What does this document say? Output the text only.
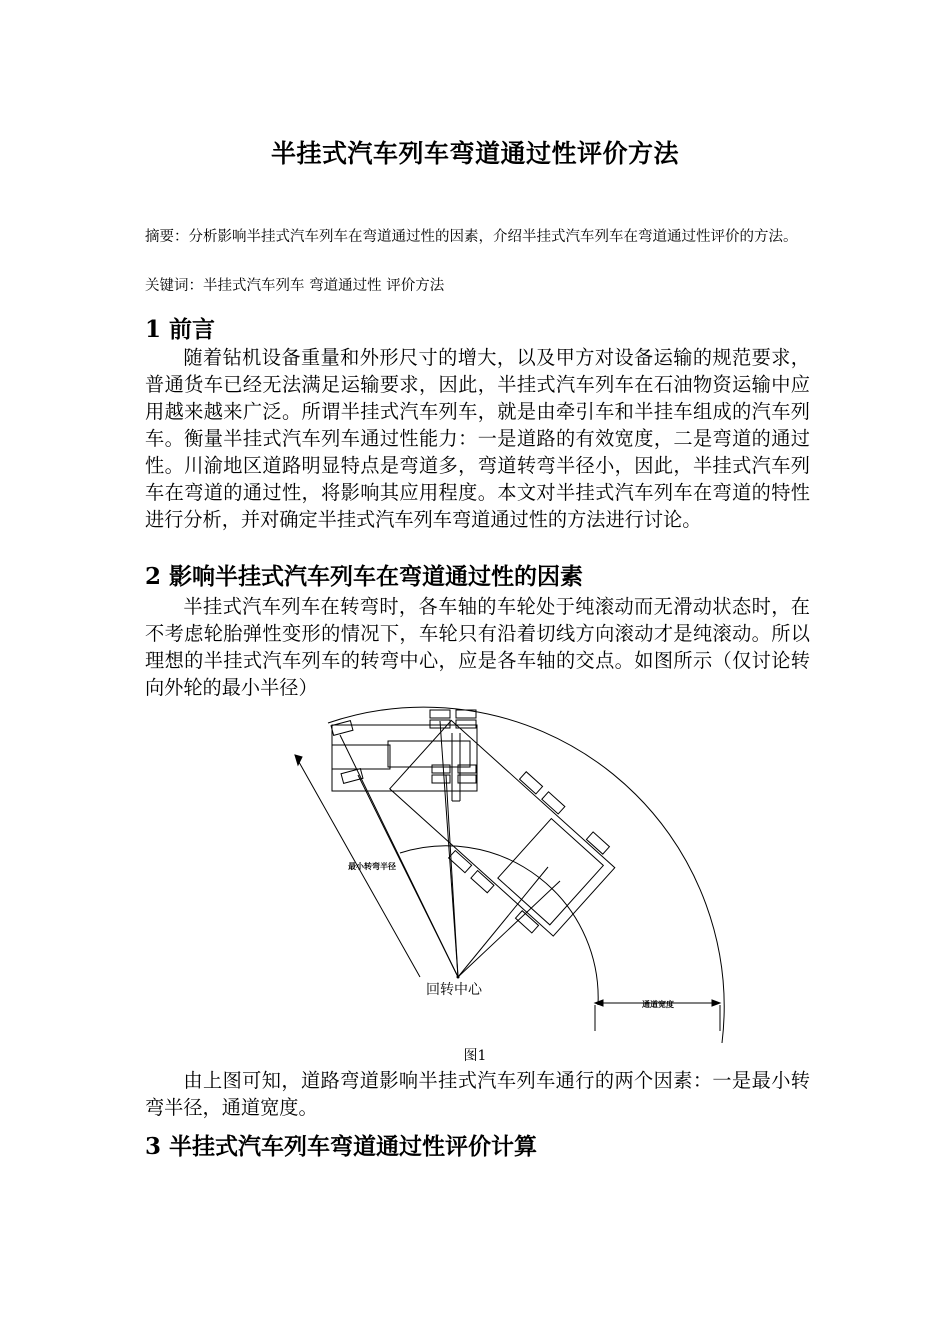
半挂式汽车列车弯道通过性评价方法
摘要：分析影响半挂式汽车列车在弯道通过性的因素，介绍半挂式汽车列车在弯道通过性评价的方法。
关键词：半挂式汽车列车 弯道通过性 评价方法
1 前言
随着钻机设备重量和外形尺寸的增大，以及甲方对设备运输的规范要求，普通货车已经无法满足运输要求，因此，半挂式汽车列车在石油物资运输中应用越来越来广泛。所谓半挂式汽车列车，就是由牵引车和半挂车组成的汽车列车。衡量半挂式汽车列车通过性能力：一是道路的有效宽度，二是弯道的通过性。川渝地区道路明显特点是弯道多，弯道转弯半径小，因此，半挂式汽车列车在弯道的通过性，将影响其应用程度。本文对半挂式汽车列车在弯道的特性进行分析，并对确定半挂式汽车列车弯道通过性的方法进行讨论。
2 影响半挂式汽车列车在弯道通过性的因素
半挂式汽车列车在转弯时，各车轴的车轮处于纯滚动而无滑动状态时，在不考虑轮胎弹性变形的情况下，车轮只有沿着切线方向滚动才是纯滚动。所以理想的半挂式汽车列车的转弯中心，应是各车轴的交点。如图所示（仅讨论转向外轮的最小半径）
最小转弯半径
回转中心
通道宽度
图1
由上图可知，道路弯道影响半挂式汽车列车通行的两个因素：一是最小转弯半径，通道宽度。
3 半挂式汽车列车弯道通过性评价计算
